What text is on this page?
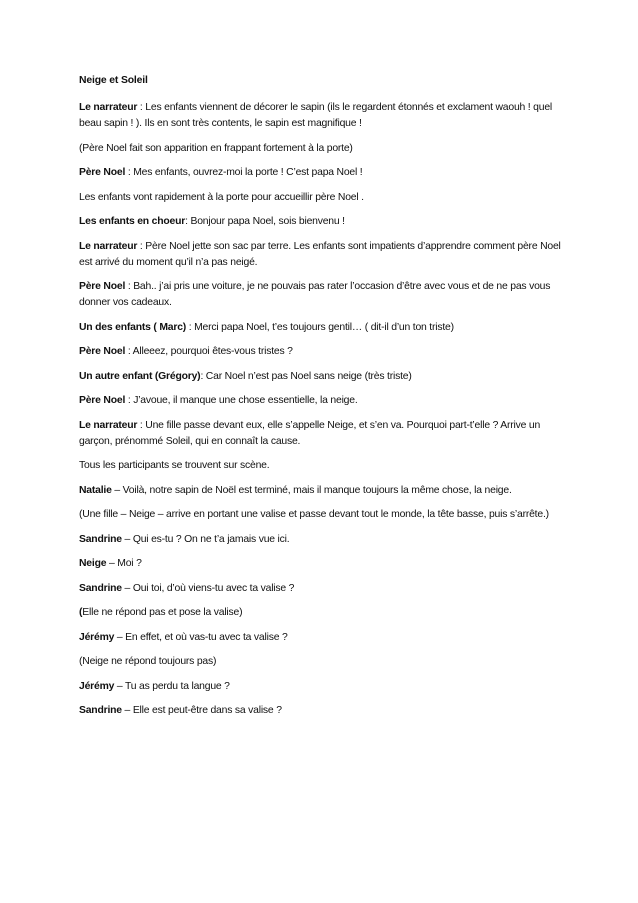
Neige et Soleil

Le narrateur : Les enfants viennent de décorer le sapin (ils le regardent étonnés et exclament waouh ! quel beau sapin ! ). Ils en sont très contents, le sapin est magnifique !

(Père Noel fait son apparition en frappant fortement à la porte)

Père Noel : Mes enfants, ouvrez-moi la porte ! C’est papa Noel !

Les enfants vont rapidement à la porte pour accueillir père Noel .

Les enfants en choeur: Bonjour papa Noel, sois bienvenu !

Le narrateur : Père Noel jette son sac par terre. Les enfants sont impatients d’apprendre comment père Noel est arrivé du moment qu’il n’a pas neigé.

Père Noel : Bah.. j’ai pris une voiture, je ne pouvais pas rater l’occasion d’être avec vous et de ne pas vous donner vos cadeaux.

Un des enfants ( Marc) : Merci papa Noel, t’es toujours gentil… ( dit-il d’un ton triste)

Père Noel : Alleeez, pourquoi êtes-vous tristes ?

Un autre enfant (Grégory): Car Noel n’est pas Noel sans neige (très triste)

Père Noel : J’avoue, il manque une chose essentielle, la neige.

Le narrateur : Une fille passe devant eux, elle s’appelle Neige, et s’en va. Pourquoi part-t’elle ? Arrive un garçon, prénommé Soleil, qui en connaît la cause.

Tous les participants se trouvent sur scène.

Natalie – Voilà, notre sapin de Noël est terminé, mais il manque toujours la même chose, la neige.

(Une fille – Neige – arrive en portant une valise et passe devant tout le monde, la tête basse, puis s’arrête.)

Sandrine – Qui es-tu ? On ne t’a jamais vue ici.

Neige – Moi ?

Sandrine – Oui toi, d’où viens-tu avec ta valise ?

(Elle ne répond pas et pose la valise)

Jérémy – En effet, et où vas-tu avec ta valise ?

(Neige ne répond toujours pas)

Jérémy – Tu as perdu ta langue ?

Sandrine – Elle est peut-être dans sa valise ?
